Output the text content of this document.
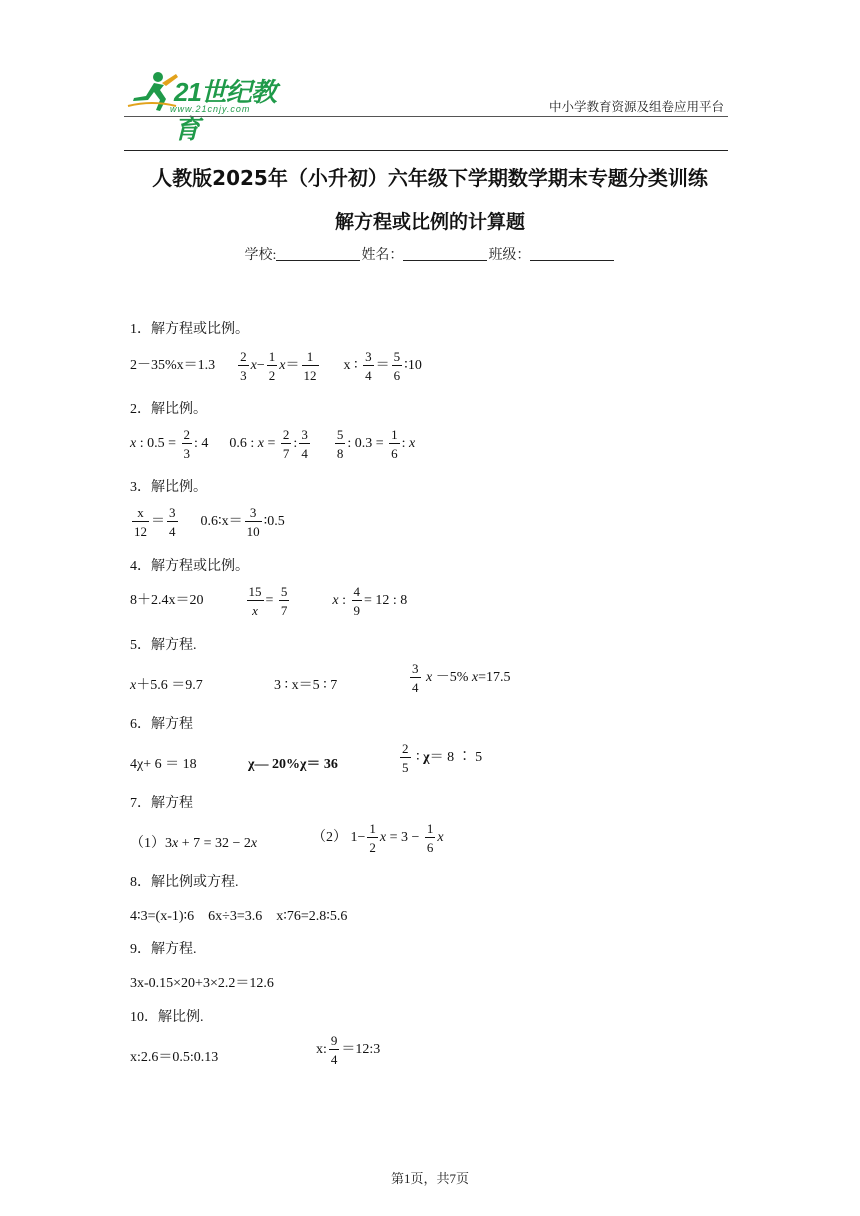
21世纪教育
www.21cnjy.com	中小学教育资源及组卷应用平台
人教版2025年（小升初）六年级下学期数学期末专题分类训练
解方程或比例的计算题
学校:	姓名：	班级：
1．解方程或比例。
$2-35\%x=1.3 \frac{2}{3} x- \frac{1}{2} x= \frac{1}{12}$ x ∶ $\frac{3}{4} = \frac{5}{6}$ ∶10
2．解比例。
x : $0.5 = \frac{2}{3}$ : 4 0.6 : $x = \frac{2}{7}$ : $\frac{3}{4}$
$\frac{5}{8}$ : $0.3 = \frac{1}{6}$ : x
3．解比例。
$\frac{x}{12} = \frac{3}{4}$ 0.6∶x＝ $\frac{3}{10}$ ∶0.5
4．解方程或比例。
8＋2.4x＝20	$\frac{15}{x} = \frac{5}{7}$	x : $\frac{4}{9} = 12$ : 8
5．解方程.
x＋5.6 ＝9.7	3 ∶ x＝5 ∶ 7	$\frac{3}{4}$ x －5% x=17.5
6．解方程
4χ+ 6 ＝ 18	χ— 20%χ＝ 36	$\frac{2}{5}$ ∶ χ＝ 8 ∶ 5
7．解方程
（1）3x + 7 = 32 − 2x	（2） $1- \frac{1}{2}$ $x = 3 - \frac{1}{6}$ x
8．解比例或方程.
4∶3=(x-1)∶6　6x÷3=3.6　x∶76=2.8∶5.6
9．解方程.
3x-0.15×20+3×2.2＝12.6
10．解比例.
x:2.6＝0.5:0.13
x: $\frac{9}{4}$ ＝12:3
第1页，共7页
